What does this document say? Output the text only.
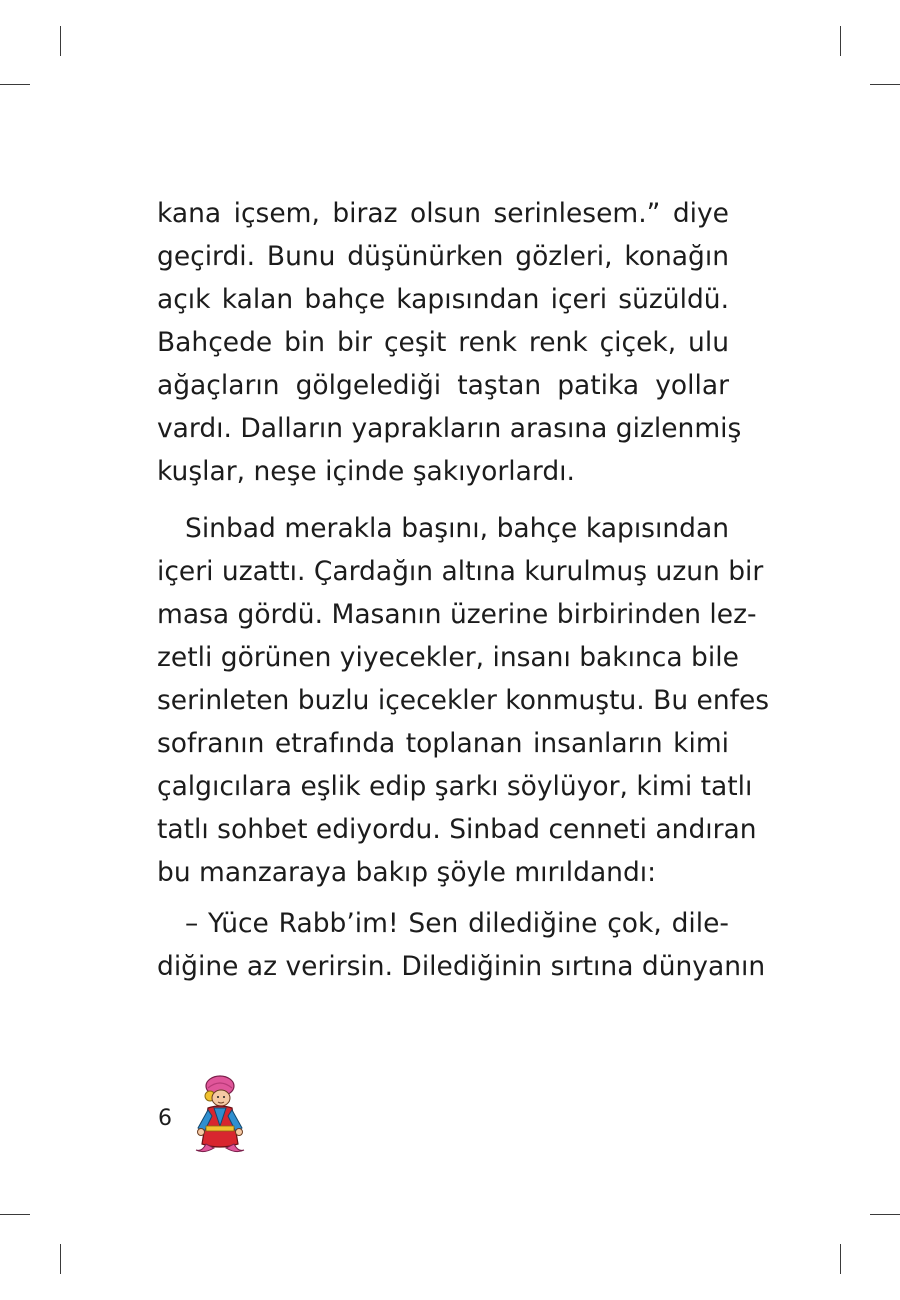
kana içsem, biraz olsun serinlesem.” diye
geçirdi. Bunu düşünürken gözleri, konağın
açık kalan bahçe kapısından içeri süzüldü.
Bahçede bin bir çeşit renk renk çiçek, ulu
ağaçların gölgelediği taştan patika yollar
vardı. Dalların yaprakların arasına gizlenmiş
kuşlar, neşe içinde şakıyorlardı.
Sinbad merakla başını, bahçe kapısından
içeri uzattı. Çardağın altına kurulmuş uzun bir
masa gördü. Masanın üzerine birbirinden lez-
zetli görünen yiyecekler, insanı bakınca bile
serinleten buzlu içecekler konmuştu. Bu enfes
sofranın etrafında toplanan insanların kimi
çalgıcılara eşlik edip şarkı söylüyor, kimi tatlı
tatlı sohbet ediyordu. Sinbad cenneti andıran
bu manzaraya bakıp şöyle mırıldandı:
– Yüce Rabb’im! Sen dilediğine çok, dile-
diğine az verirsin. Dilediğinin sırtına dünyanın
6
